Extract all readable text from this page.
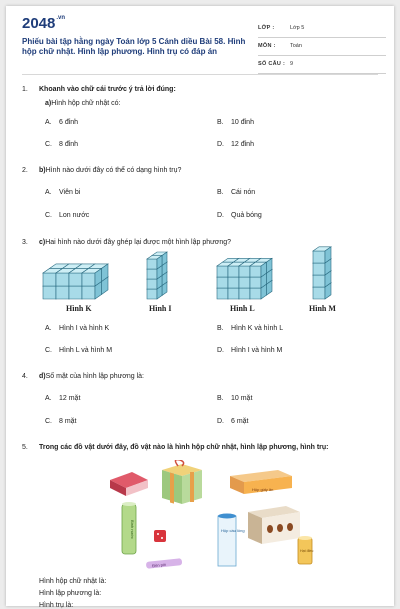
$2048^{.vn}$
Phiếu bài tập hằng ngày Toán lớp 5 Cánh diều Bài 58. Hình hộp chữ nhật. Hình lập phương. Hình trụ có đáp án
LỚP :	Lớp 5
MÔN :	Toán
SỐ CÂU : 9
1. Khoanh vào chữ cái trước ý trả lời đúng:
a)Hình hộp chữ nhật có:
A. 6 đỉnh	B. 10 đỉnh
C. 8 đỉnh	D. 12 đỉnh
2. b)Hình nào dưới đây có thể có dạng hình trụ?
A. Viên bi	B. Cái nón
C. Lon nước	D. Quả bóng
3. c)Hai hình nào dưới đây ghép lại được một hình lập phương?
A. Hình I và hình K	B. Hình K và hình L
C. Hình L và hình M	D. Hình I và hình M
Hình K	Hình I	Hình L	Hình M
4. d)Số mặt của hình lập phương là:
A. 12 mặt	B. 10 mặt
C. 8 mặt	D. 6 mặt
5. Trong các đồ vật dưới đây, đồ vật nào là hình hộp chữ nhật, hình lập phương, hình trụ:
Hộp giấy ăn
Bình nước
Đèn pin
Hộp cầu lông
Hạt điều
Hình hộp chữ nhật là:
Hình lập phương là:
Hình trụ là:
